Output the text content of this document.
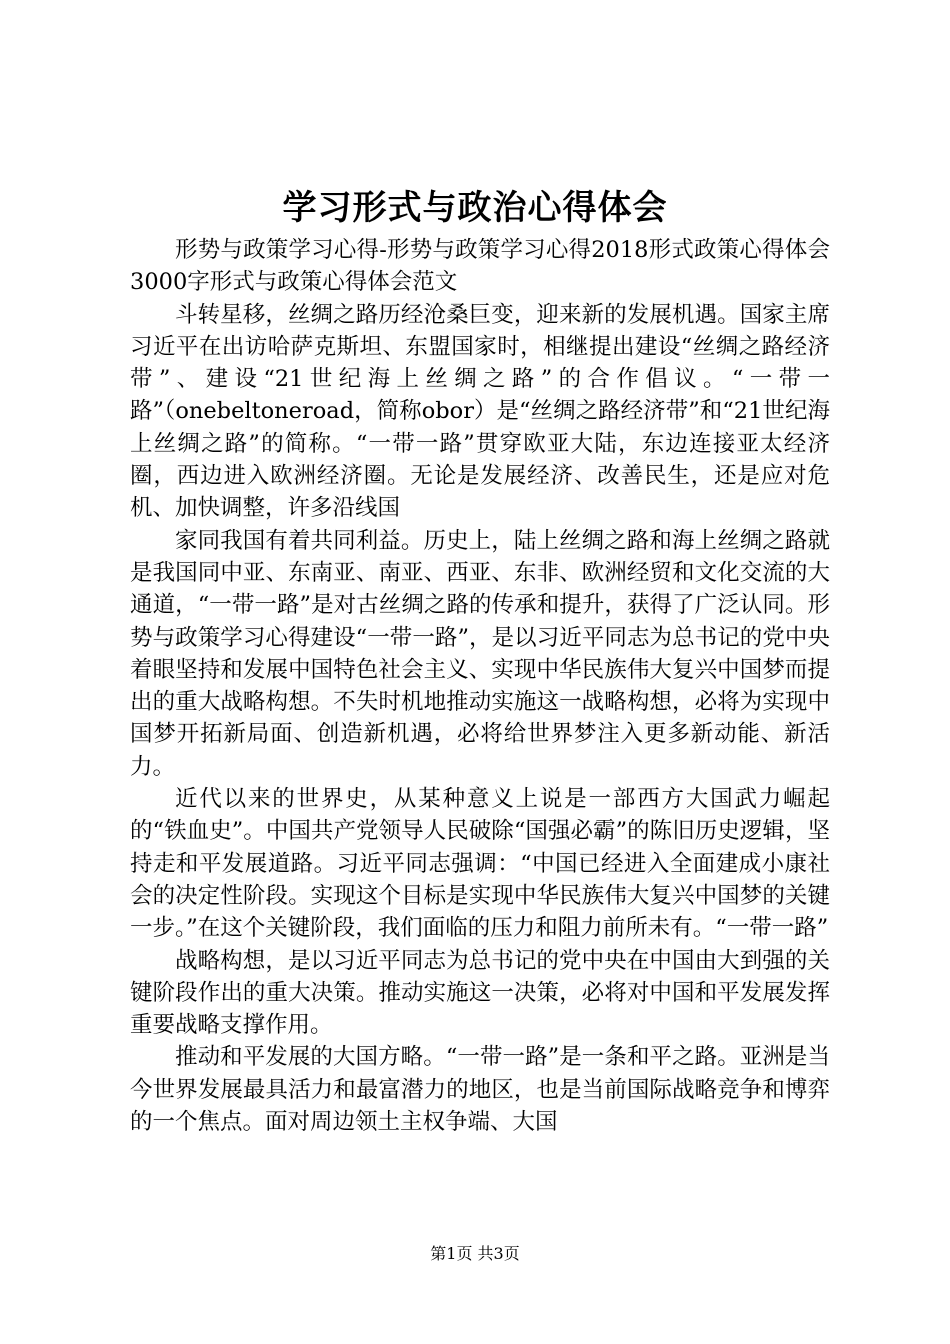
学习形式与政治心得体会

形势与政策学习心得-形势与政策学习心得2018形式政策心得体会3000字形式与政策心得体会范文

斗转星移，丝绸之路历经沧桑巨变，迎来新的发展机遇。国家主席习近平在出访哈萨克斯坦、东盟国家时，相继提出建设“丝绸之路经济带”、建设“21世纪海上丝绸之路”的合作倡议。“一带一路”（onebeltoneroad，简称obor）是“丝绸之路经济带”和“21世纪海上丝绸之路”的简称。“一带一路”贯穿欧亚大陆，东边连接亚太经济圈，西边进入欧洲经济圈。无论是发展经济、改善民生，还是应对危机、加快调整，许多沿线国

家同我国有着共同利益。历史上，陆上丝绸之路和海上丝绸之路就是我国同中亚、东南亚、南亚、西亚、东非、欧洲经贸和文化交流的大通道，“一带一路”是对古丝绸之路的传承和提升，获得了广泛认同。形势与政策学习心得建设“一带一路”，是以习近平同志为总书记的党中央着眼坚持和发展中国特色社会主义、实现中华民族伟大复兴中国梦而提出的重大战略构想。不失时机地推动实施这一战略构想，必将为实现中国梦开拓新局面、创造新机遇，必将给世界梦注入更多新动能、新活力。

近代以来的世界史，从某种意义上说是一部西方大国武力崛起的“铁血史”。中国共产党领导人民破除“国强必霸”的陈旧历史逻辑，坚持走和平发展道路。习近平同志强调：“中国已经进入全面建成小康社会的决定性阶段。实现这个目标是实现中华民族伟大复兴中国梦的关键一步。”在这个关键阶段，我们面临的压力和阻力前所未有。“一带一路”

战略构想，是以习近平同志为总书记的党中央在中国由大到强的关键阶段作出的重大决策。推动实施这一决策，必将对中国和平发展发挥重要战略支撑作用。

推动和平发展的大国方略。“一带一路”是一条和平之路。亚洲是当今世界发展最具活力和最富潜力的地区，也是当前国际战略竞争和博弈的一个焦点。面对周边领土主权争端、大国

第1页 共3页
